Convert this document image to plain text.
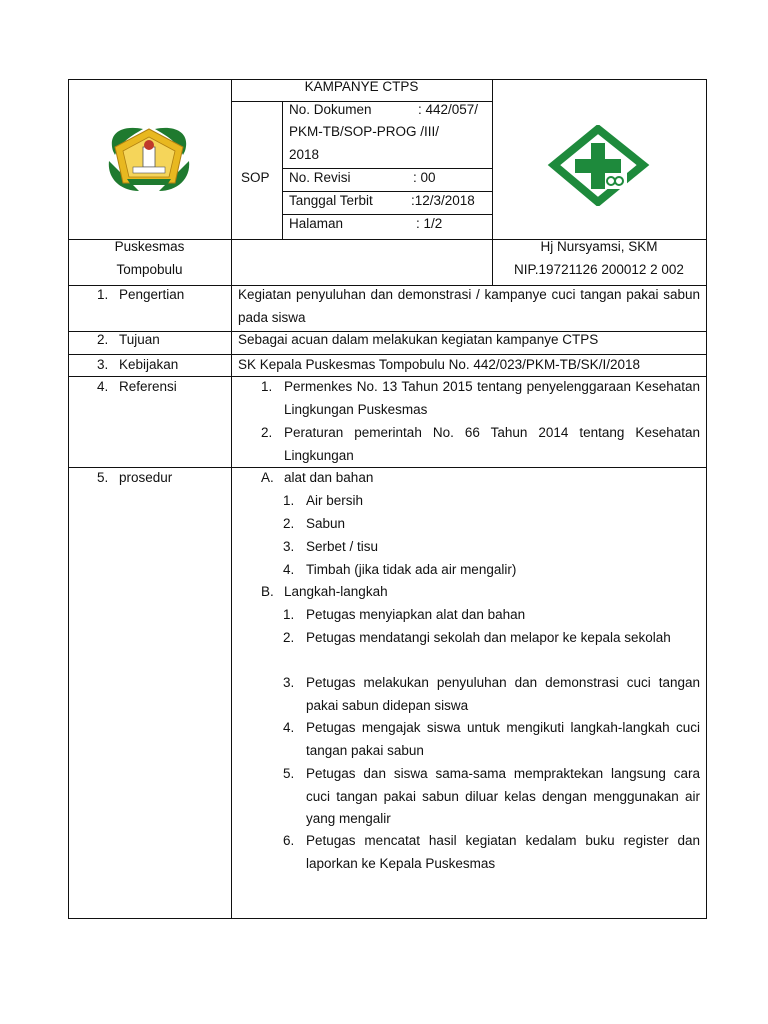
KAMPANYE CTPS
SOP
No. Dokumen	: 442/057/
PKM-TB/SOP-PROG /III/
2018
No. Revisi	: 00
Tanggal Terbit	:12/3/2018
Halaman	: 1/2
Puskesmas
Tompobulu
Hj Nursyamsi, SKM
NIP.19721126 200012 2 002
1. Pengertian	Kegiatan penyuluhan dan demonstrasi / kampanye cuci tangan pakai sabun pada siswa
2. Tujuan	Sebagai acuan dalam melakukan kegiatan kampanye CTPS
3. Kebijakan	SK Kepala Puskesmas Tompobulu No. 442/023/PKM-TB/SK/I/2018
4. Referensi	1. Permenkes No. 13 Tahun 2015 tentang penyelenggaraan Kesehatan Lingkungan Puskesmas
2. Peraturan pemerintah No. 66 Tahun 2014 tentang Kesehatan Lingkungan
5. prosedur	A. alat dan bahan
1. Air bersih
2. Sabun
3. Serbet / tisu
4. Timbah (jika tidak ada air mengalir)
B. Langkah-langkah
1. Petugas menyiapkan alat dan bahan
2. Petugas mendatangi sekolah dan melapor ke kepala sekolah
3. Petugas melakukan penyuluhan dan demonstrasi cuci tangan pakai sabun didepan siswa
4. Petugas mengajak siswa untuk mengikuti langkah-langkah cuci tangan pakai sabun
5. Petugas dan siswa sama-sama mempraktekan langsung cara cuci tangan pakai sabun diluar kelas dengan menggunakan air yang mengalir
6. Petugas mencatat hasil kegiatan kedalam buku register dan laporkan ke Kepala Puskesmas
